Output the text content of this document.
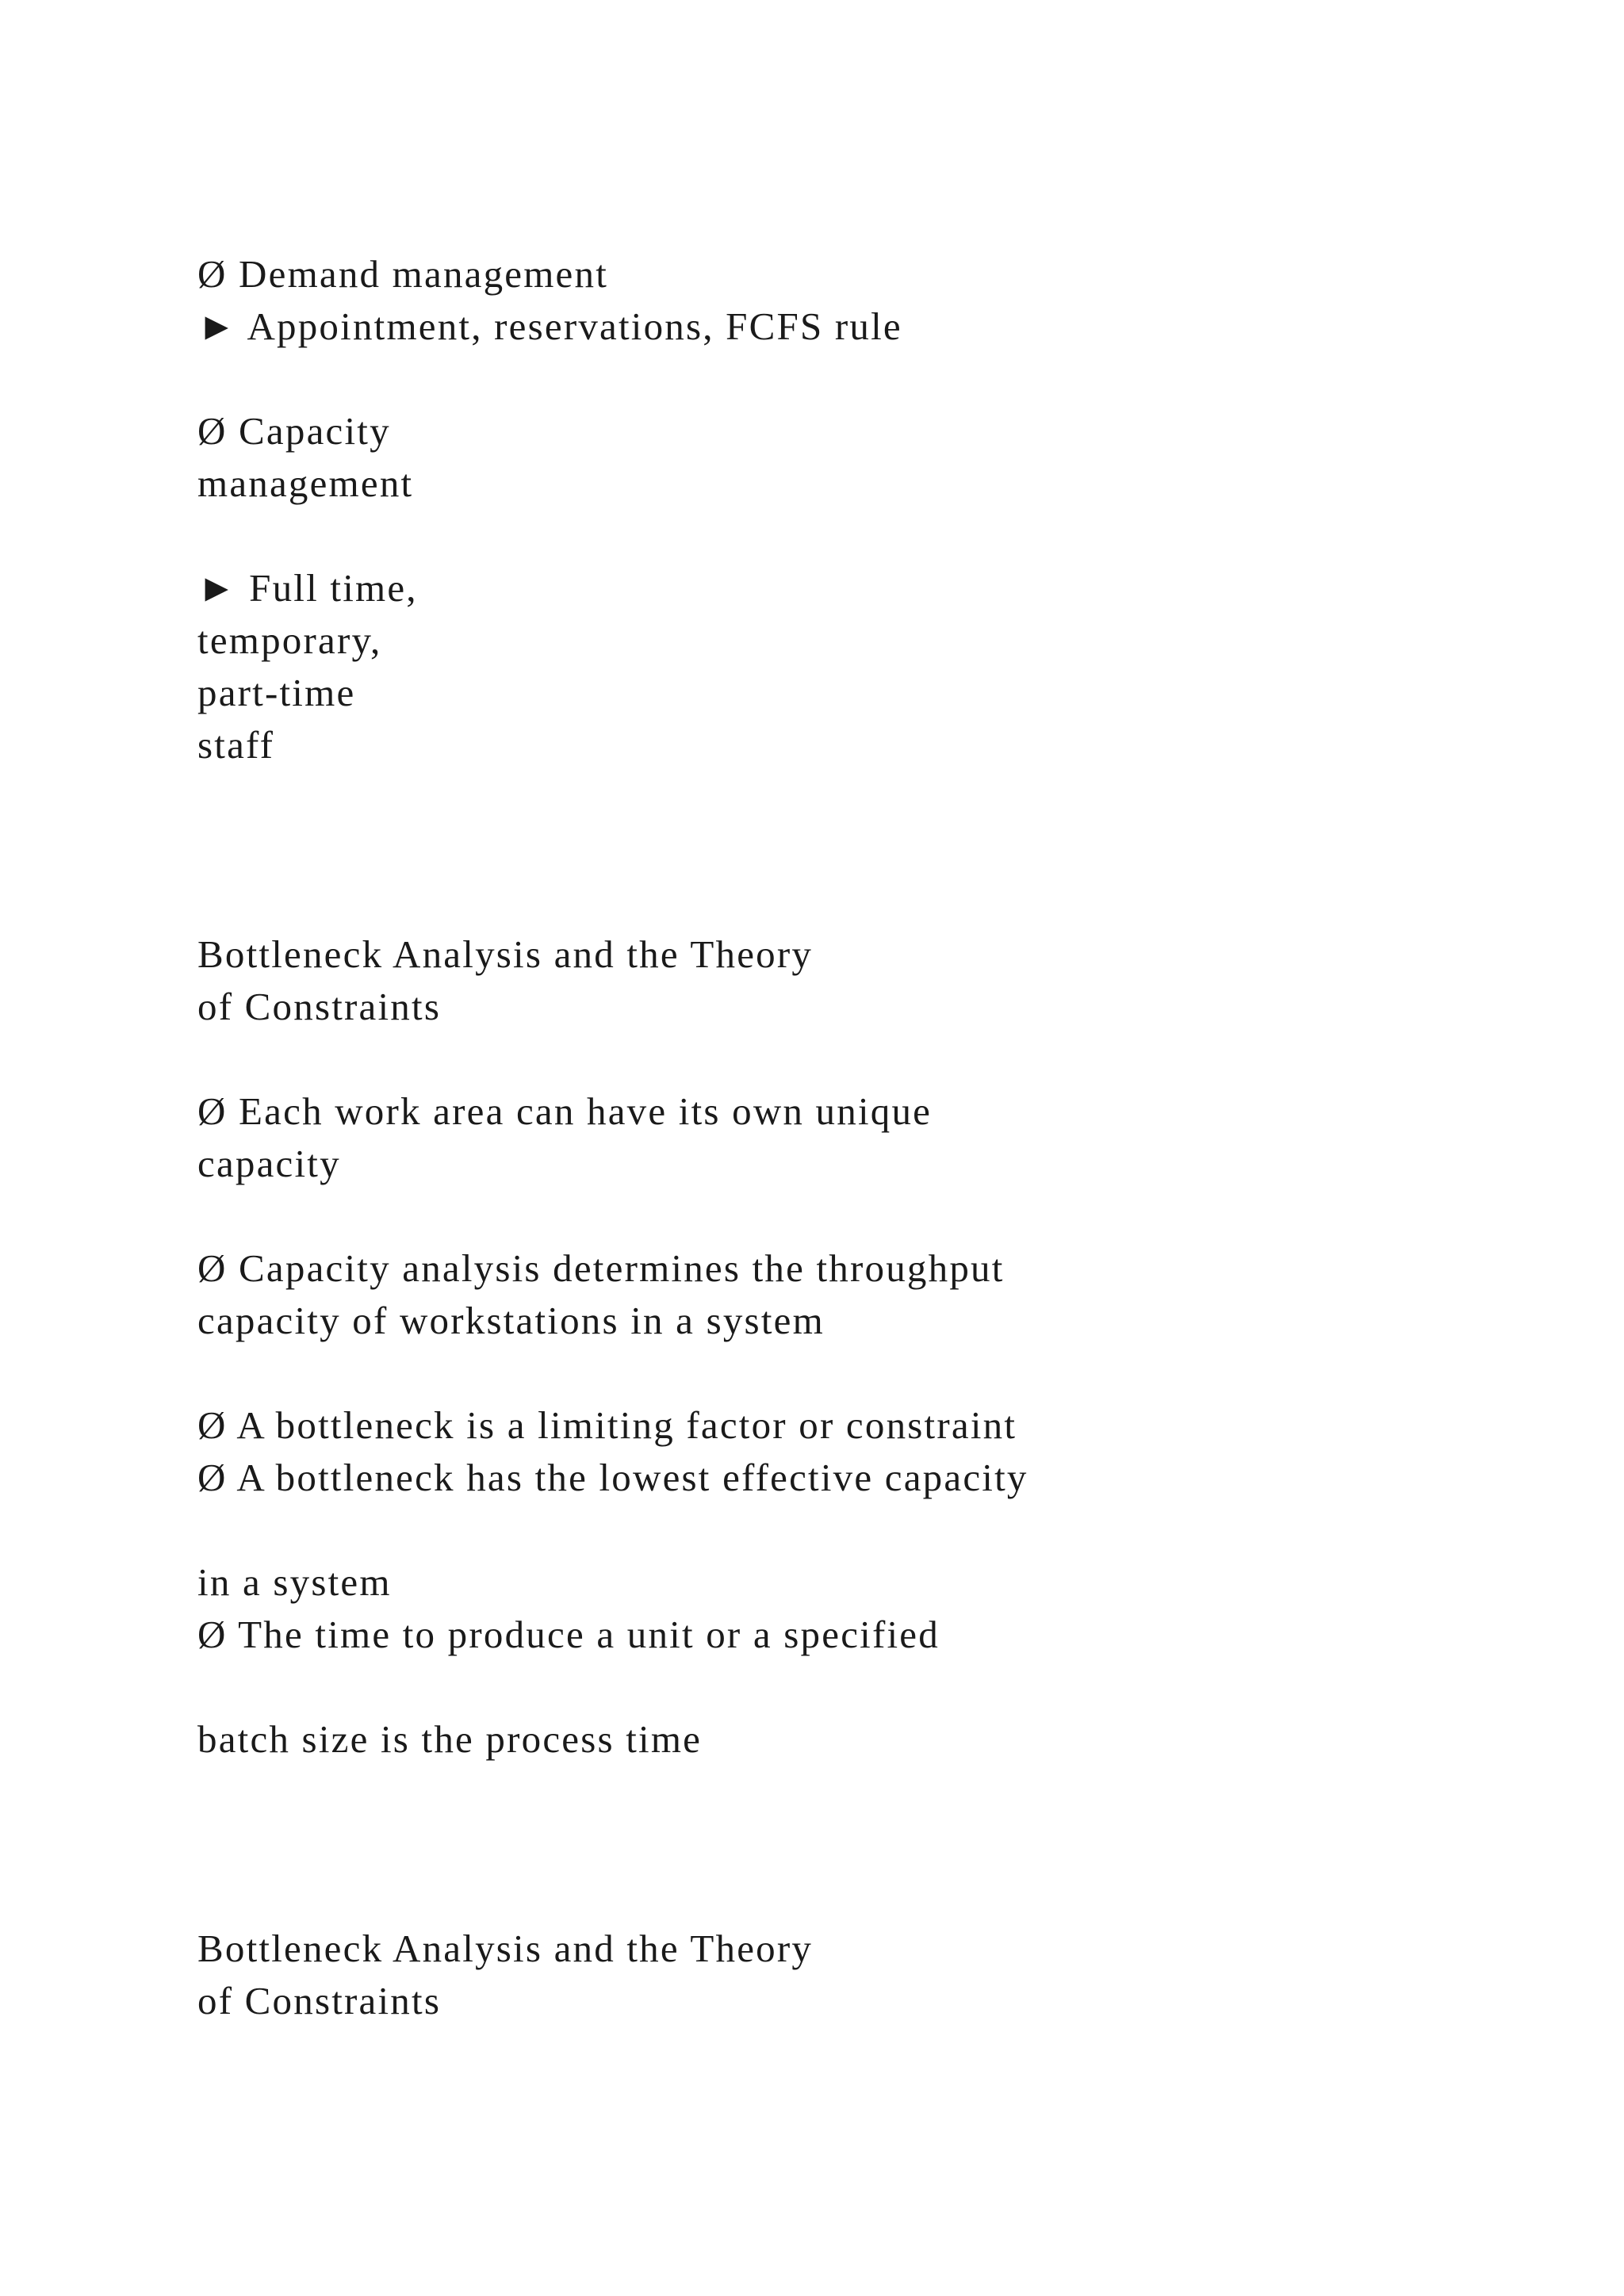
Ø Demand management

► Appointment, reservations, FCFS rule

Ø Capacity

management

► Full time,

temporary,

part-time

staff

Bottleneck Analysis and the Theory

of Constraints

Ø Each work area can have its own unique

capacity

Ø Capacity analysis determines the throughput

capacity of workstations in a system

Ø A bottleneck is a limiting factor or constraint

Ø A bottleneck has the lowest effective capacity

in a system

Ø The time to produce a unit or a specified

batch size is the process time

Bottleneck Analysis and the Theory

of Constraints
